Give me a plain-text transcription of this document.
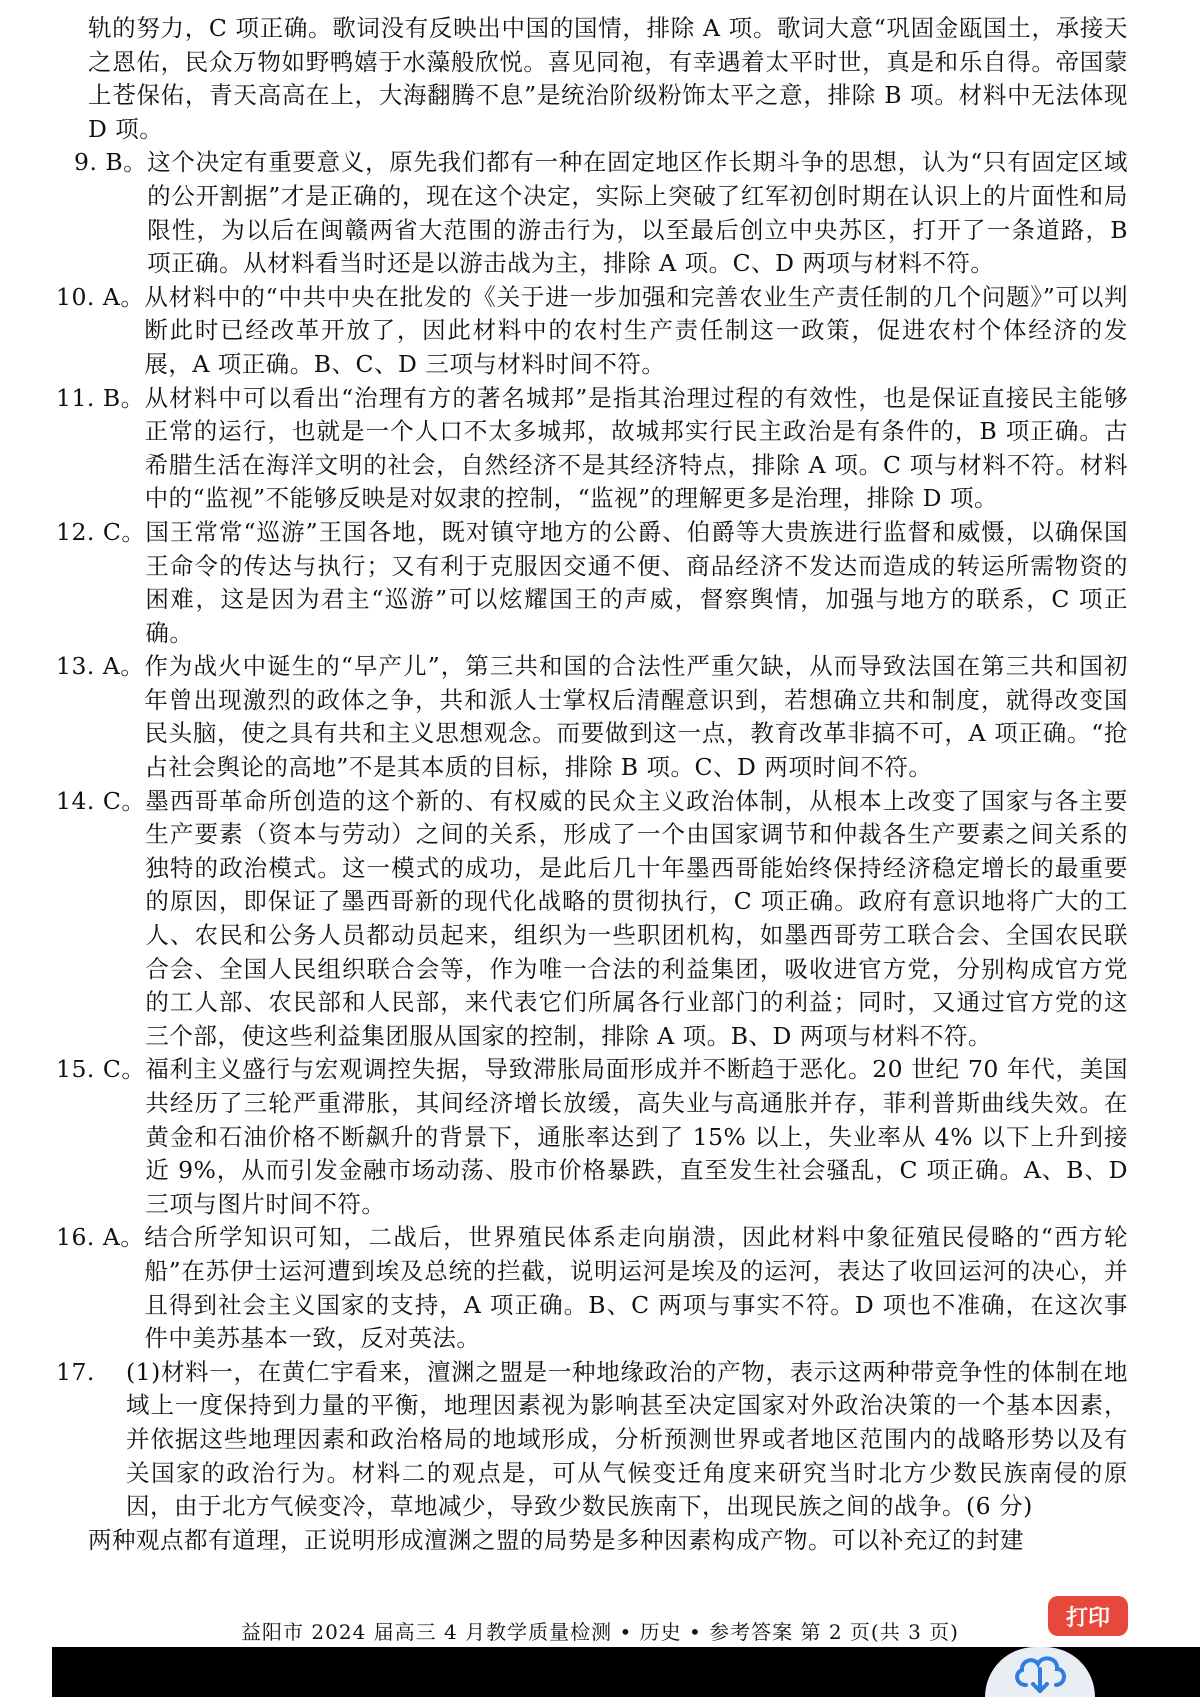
轨的努力，C 项正确。歌词没有反映出中国的国情，排除 A 项。歌词大意“巩固金瓯国土，承接天之恩佑，民众万物如野鸭嬉于水藻般欣悦。喜见同袍，有幸遇着太平时世，真是和乐自得。帝国蒙上苍保佑，青天高高在上，大海翻腾不息”是统治阶级粉饰太平之意，排除 B 项。材料中无法体现 D 项。

9. B。 这个决定有重要意义，原先我们都有一种在固定地区作长期斗争的思想，认为“只有固定区域的公开割据”才是正确的，现在这个决定，实际上突破了红军初创时期在认识上的片面性和局限性，为以后在闽赣两省大范围的游击行为，以至最后创立中央苏区，打开了一条道路，B 项正确。从材料看当时还是以游击战为主，排除 A 项。C、D 两项与材料不符。
10. A。 从材料中的“中共中央在批发的《关于进一步加强和完善农业生产责任制的几个问题》”可以判断此时已经改革开放了，因此材料中的农村生产责任制这一政策，促进农村个体经济的发展，A 项正确。B、C、D 三项与材料时间不符。
11. B。 从材料中可以看出“治理有方的著名城邦”是指其治理过程的有效性，也是保证直接民主能够正常的运行，也就是一个人口不太多城邦，故城邦实行民主政治是有条件的，B 项正确。古希腊生活在海洋文明的社会，自然经济不是其经济特点，排除 A 项。C 项与材料不符。材料中的“监视”不能够反映是对奴隶的控制，“监视”的理解更多是治理，排除 D 项。
12. C。 国王常常“巡游”王国各地，既对镇守地方的公爵、伯爵等大贵族进行监督和威慑，以确保国王命令的传达与执行；又有利于克服因交通不便、商品经济不发达而造成的转运所需物资的困难，这是因为君主“巡游”可以炫耀国王的声威，督察舆情，加强与地方的联系，C 项正确。
13. A。 作为战火中诞生的“早产儿”，第三共和国的合法性严重欠缺，从而导致法国在第三共和国初年曾出现激烈的政体之争，共和派人士掌权后清醒意识到，若想确立共和制度，就得改变国民头脑，使之具有共和主义思想观念。而要做到这一点，教育改革非搞不可，A 项正确。“抢占社会舆论的高地”不是其本质的目标，排除 B 项。C、D 两项时间不符。
14. C。 墨西哥革命所创造的这个新的、有权威的民众主义政治体制，从根本上改变了国家与各主要生产要素（资本与劳动）之间的关系，形成了一个由国家调节和仲裁各生产要素之间关系的独特的政治模式。这一模式的成功，是此后几十年墨西哥能始终保持经济稳定增长的最重要的原因，即保证了墨西哥新的现代化战略的贯彻执行，C 项正确。政府有意识地将广大的工人、农民和公务人员都动员起来，组织为一些职团机构，如墨西哥劳工联合会、全国农民联合会、全国人民组织联合会等，作为唯一合法的利益集团，吸收进官方党，分别构成官方党的工人部、农民部和人民部，来代表它们所属各行业部门的利益；同时，又通过官方党的这三个部，使这些利益集团服从国家的控制，排除 A 项。B、D 两项与材料不符。
15. C。 福利主义盛行与宏观调控失据，导致滞胀局面形成并不断趋于恶化。20 世纪 70 年代，美国共经历了三轮严重滞胀，其间经济增长放缓，高失业与高通胀并存，菲利普斯曲线失效。在黄金和石油价格不断飙升的背景下，通胀率达到了 15% 以上，失业率从 4% 以下上升到接近 9%，从而引发金融市场动荡、股市价格暴跌，直至发生社会骚乱，C 项正确。A、B、D 三项与图片时间不符。
16. A。 结合所学知识可知，二战后，世界殖民体系走向崩溃，因此材料中象征殖民侵略的“西方轮船”在苏伊士运河遭到埃及总统的拦截，说明运河是埃及的运河，表达了收回运河的决心，并且得到社会主义国家的支持，A 项正确。B、C 两项与事实不符。D 项也不准确，在这次事件中美苏基本一致，反对英法。
17.	(1)材料一，在黄仁宇看来，澶渊之盟是一种地缘政治的产物，表示这两种带竞争性的体制在地域上一度保持到力量的平衡，地理因素视为影响甚至决定国家对外政治决策的一个基本因素，并依据这些地理因素和政治格局的地域形成，分析预测世界或者地区范围内的战略形势以及有关国家的政治行为。材料二的观点是，可从气候变迁角度来研究当时北方少数民族南侵的原因，由于北方气候变冷，草地减少，导致少数民族南下，出现民族之间的战争。(6 分)

两种观点都有道理，正说明形成澶渊之盟的局势是多种因素构成产物。可以补充辽的封建

益阳市 2024 届高三 4 月教学质量检测 • 历史 • 参考答案 第 2 页(共 3 页)
打印
